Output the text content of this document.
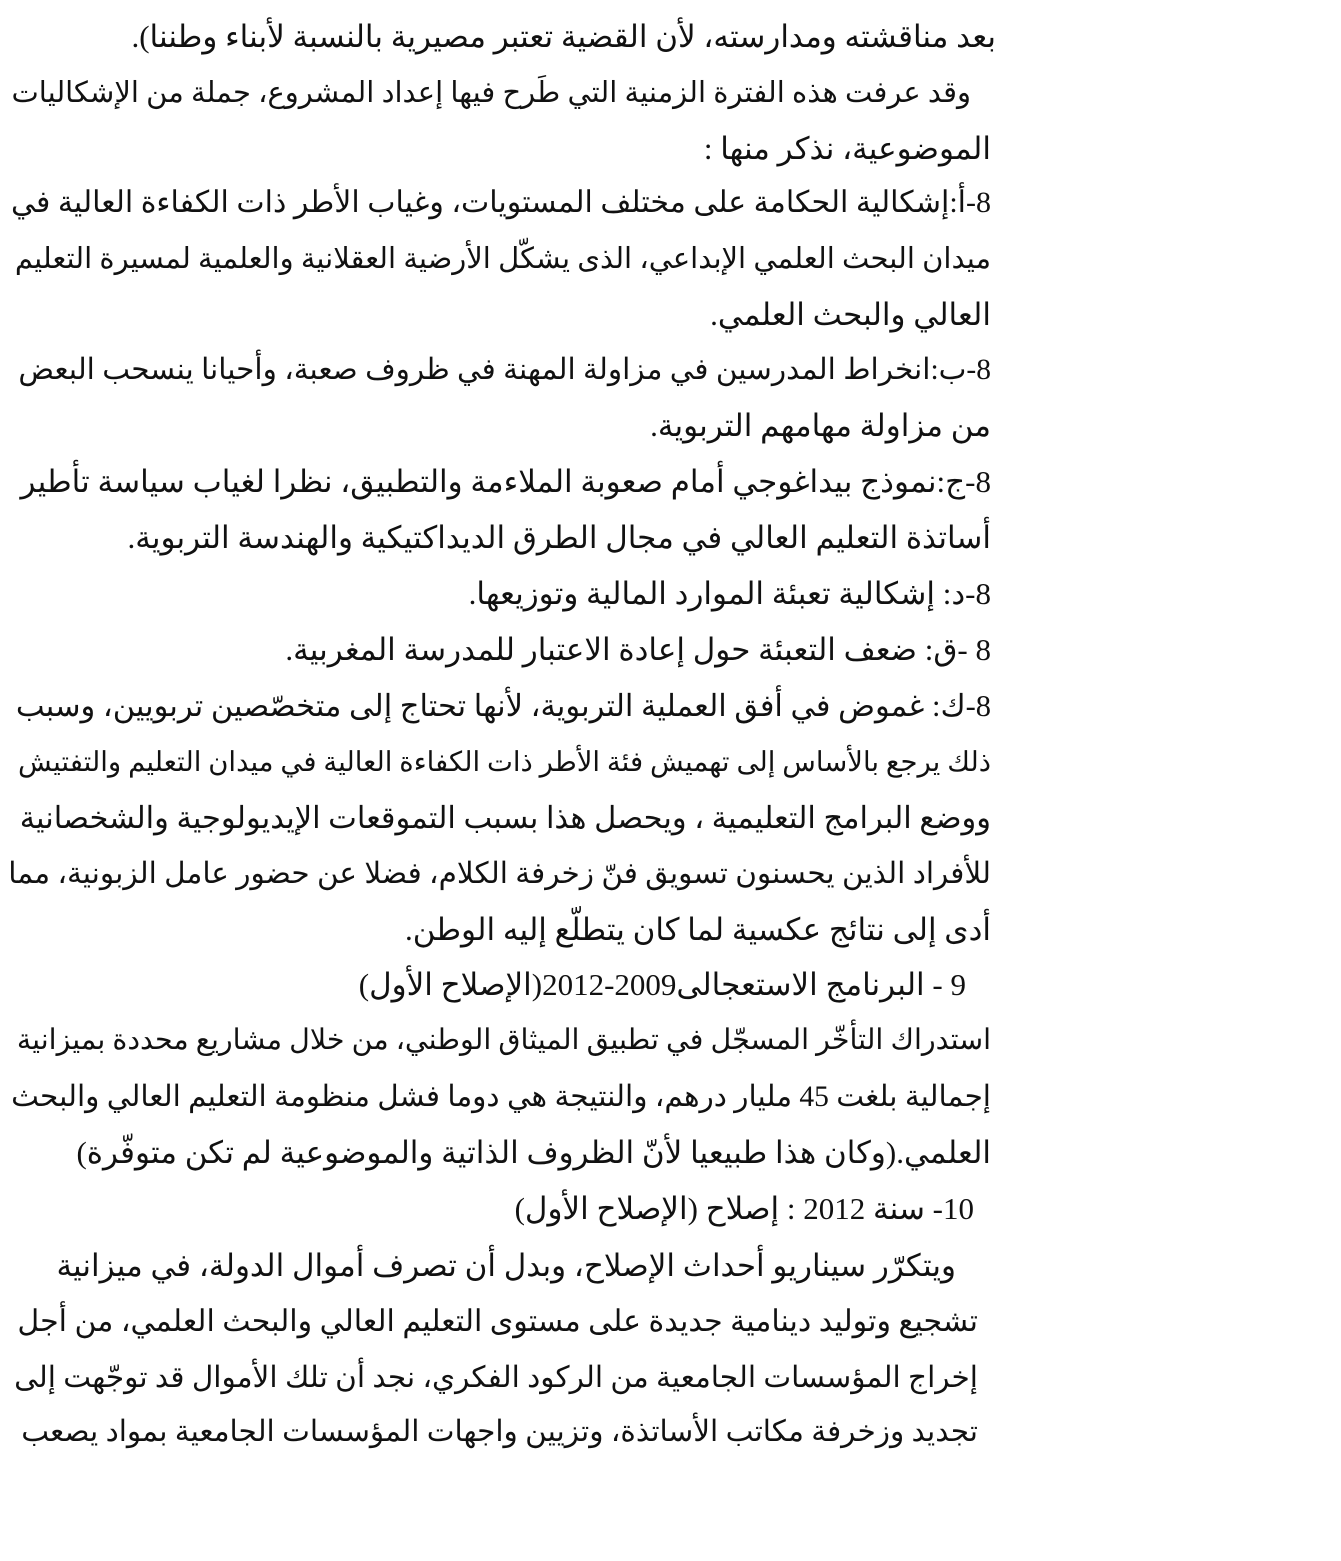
بعد مناقشته ومدارسته، لأن القضية تعتبر مصيرية بالنسبة لأبناء وطننا).
وقد عرفت هذه الفترة الزمنية التي طَرح فيها إعداد المشروع، جملة من الإشكاليات
الموضوعية، نذكر منها :
8-أ:إشكالية الحكامة على مختلف المستويات، وغياب الأطر ذات الكفاءة العالية في
ميدان البحث العلمي الإبداعي، الذى يشكّل الأرضية العقلانية والعلمية لمسيرة التعليم
العالي والبحث العلمي.
8-ب:انخراط المدرسين في مزاولة المهنة في ظروف صعبة، وأحيانا ينسحب البعض
من مزاولة مهامهم التربوية.
8-ج:نموذج بيداغوجي أمام صعوبة الملاءمة والتطبيق، نظرا لغياب سياسة تأطير
أساتذة التعليم العالي في مجال الطرق الديداكتيكية والهندسة التربوية.
8-د: إشكالية تعبئة الموارد المالية وتوزيعها.
8 -ق: ضعف التعبئة حول إعادة الاعتبار للمدرسة المغربية.
8-ك: غموض في أفق العملية التربوية، لأنها تحتاج إلى متخصّصين تربويين، وسبب
ذلك يرجع بالأساس إلى تهميش فئة الأطر ذات الكفاءة العالية في ميدان التعليم والتفتيش
ووضع البرامج التعليمية ، ويحصل هذا بسبب التموقعات الإيديولوجية والشخصانية
للأفراد الذين يحسنون تسويق فنّ زخرفة الكلام، فضلا عن حضور عامل الزبونية، مما
أدى إلى نتائج عكسية لما كان يتطلّع إليه الوطن.
9 - البرنامج الاستعجالى2009-2012(الإصلاح الأول)
استدراك التأخّر المسجّل في تطبيق الميثاق الوطني، من خلال مشاريع محددة بميزانية
إجمالية بلغت 45 مليار درهم، والنتيجة هي دوما فشل منظومة التعليم العالي والبحث
العلمي.(وكان هذا طبيعيا لأنّ الظروف الذاتية والموضوعية لم تكن متوفّرة)
10- سنة 2012 : إصلاح (الإصلاح الأول)
ويتكرّر سيناريو أحداث الإصلاح، وبدل أن تصرف أموال الدولة، في ميزانية
تشجيع وتوليد دينامية جديدة على مستوى التعليم العالي والبحث العلمي، من أجل
إخراج المؤسسات الجامعية من الركود الفكري، نجد أن تلك الأموال قد توجّهت إلى
تجديد وزخرفة مكاتب الأساتذة، وتزيين واجهات المؤسسات الجامعية بمواد يصعب
